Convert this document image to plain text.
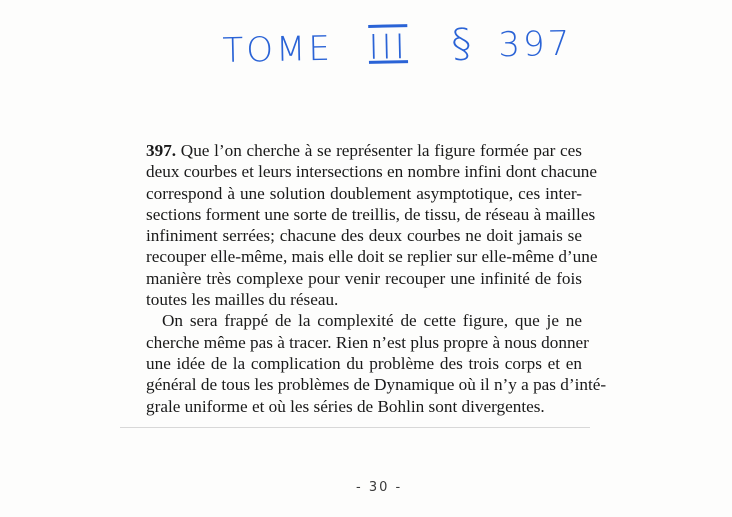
TOME III § 397
397. Que l’on cherche à se représenter la figure formée par ces
deux courbes et leurs intersections en nombre infini dont chacune
correspond à une solution doublement asymptotique, ces inter-
sections forment une sorte de treillis, de tissu, de réseau à mailles
infiniment serrées; chacune des deux courbes ne doit jamais se
recouper elle-même, mais elle doit se replier sur elle-même d’une
manière très complexe pour venir recouper une infinité de fois
toutes les mailles du réseau.
On sera frappé de la complexité de cette figure, que je ne
cherche même pas à tracer. Rien n’est plus propre à nous donner
une idée de la complication du problème des trois corps et en
général de tous les problèmes de Dynamique où il n’y a pas d’inté-
grale uniforme et où les séries de Bohlin sont divergentes.
- 30 -
